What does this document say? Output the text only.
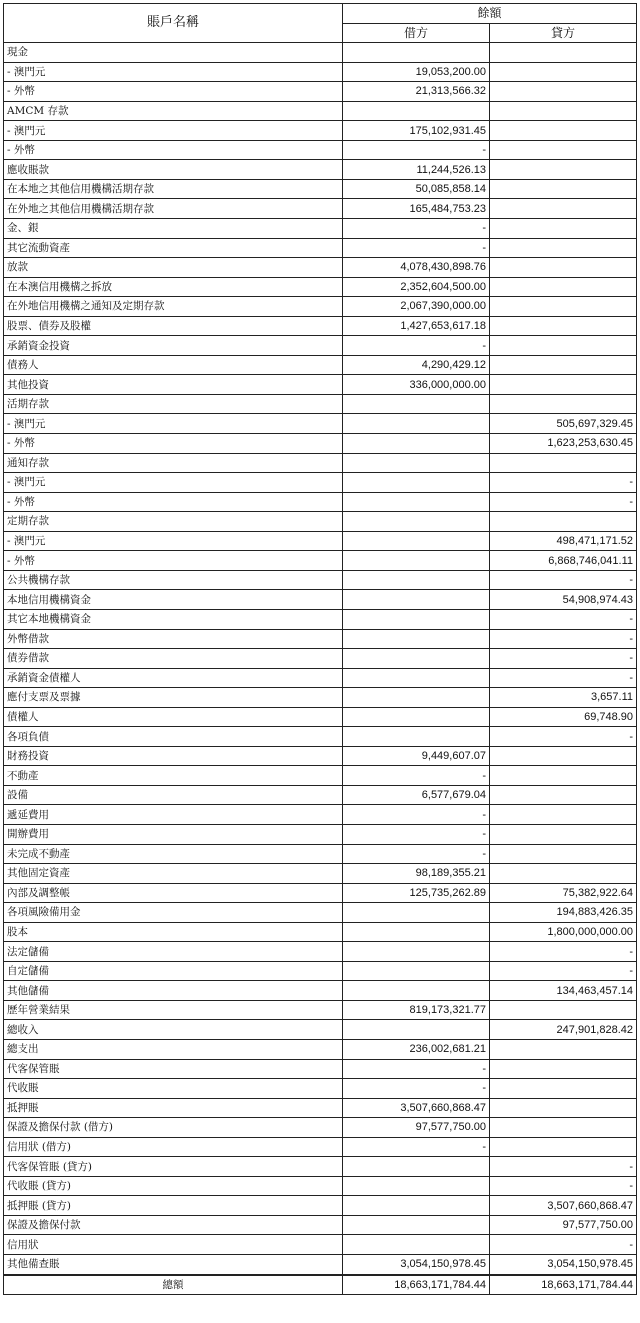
賬戶名稱	餘額	
	借方	貸方
現金		
- 澳門元	19,053,200.00	
- 外幣	21,313,566.32	
AMCM 存款		
- 澳門元	175,102,931.45	
- 外幣	-	
應收賬款	11,244,526.13	
在本地之其他信用機構活期存款	50,085,858.14	
在外地之其他信用機構活期存款	165,484,753.23	
金、銀	-	
其它流動資產	-	
放款	4,078,430,898.76	
在本澳信用機構之拆放	2,352,604,500.00	
在外地信用機構之通知及定期存款	2,067,390,000.00	
股票、債券及股權	1,427,653,617.18	
承銷資金投資	-	
債務人	4,290,429.12	
其他投資	336,000,000.00	
活期存款		
- 澳門元		505,697,329.45
- 外幣		1,623,253,630.45
通知存款		
- 澳門元		-
- 外幣		-
定期存款		
- 澳門元		498,471,171.52
- 外幣		6,868,746,041.11
公共機構存款		-
本地信用機構資金		54,908,974.43
其它本地機構資金		-
外幣借款		-
債券借款		-
承銷資金債權人		-
應付支票及票據		3,657.11
債權人		69,748.90
各項負債		-
財務投資	9,449,607.07	
不動產	-	
設備	6,577,679.04	
遞延費用	-	
開辦費用	-	
未完成不動產	-	
其他固定資產	98,189,355.21	
內部及調整帳	125,735,262.89	75,382,922.64
各項風險備用金		194,883,426.35
股本		1,800,000,000.00
法定儲備		-
自定儲備		-
其他儲備		134,463,457.14
歷年營業結果	819,173,321.77	
總收入		247,901,828.42
總支出	236,002,681.21	
代客保管賬	-	
代收賬	-	
抵押賬	3,507,660,868.47	
保證及擔保付款 (借方)	97,577,750.00	
信用狀 (借方)	-	
代客保管賬 (貸方)		-
代收賬 (貸方)		-
抵押賬 (貸方)		3,507,660,868.47
保證及擔保付款		97,577,750.00
信用狀		-
其他備查賬	3,054,150,978.45	3,054,150,978.45
總額	18,663,171,784.44	18,663,171,784.44
